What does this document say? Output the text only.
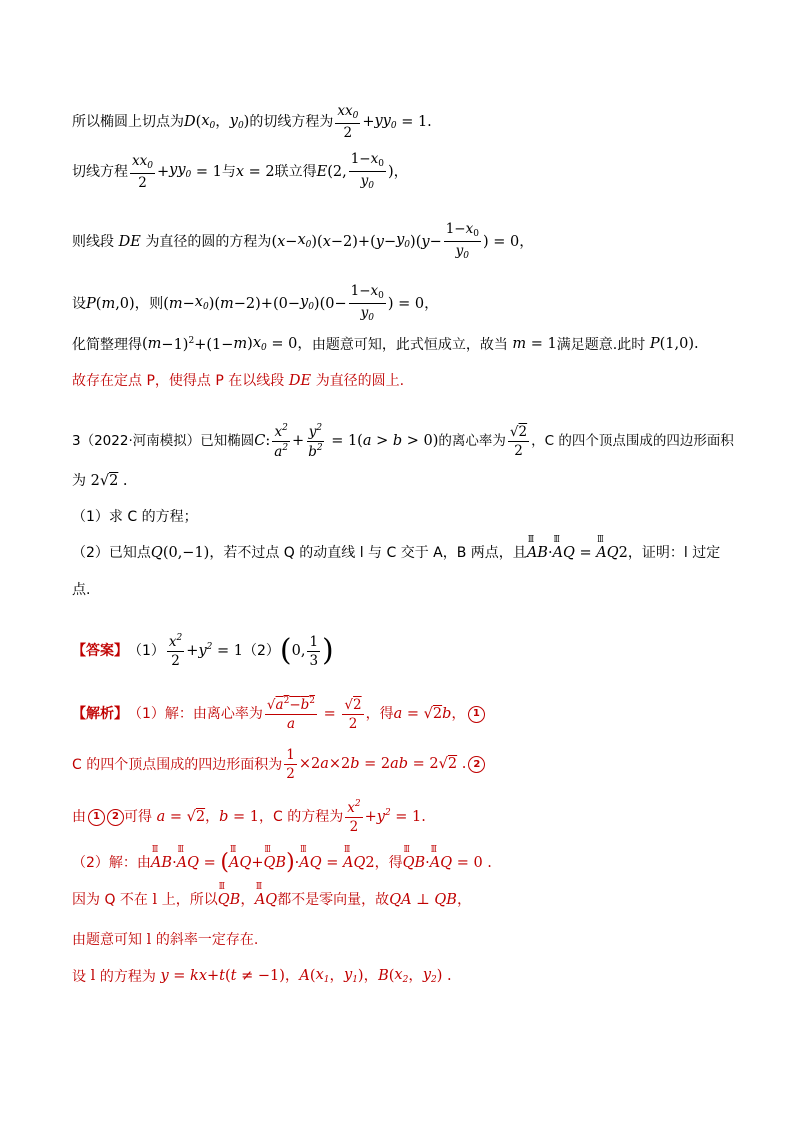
所以椭圆上切点为 D ( $x_0$ ， $y_0$ ) 的切线方程为 $\frac{xx_0}{2} + yy_0 = 1$.
切线方程 $\frac{xx_0}{2} + yy_0 = 1$ 与 x = 2 联立得 E (2, $\frac{1-x_0}{y_0}$ )，
则线段 DE 为直径的圆的方程为 ( $x - x_0$ )( x −2)+( $y - y_0$ )( $y - \frac{1-x_0}{y_0}$ ) = 0，
设 P ( m ,0)， 则 ( $m - x_0$ )( $m -2)+(0- y_0$ )($0- \frac{1-x_0}{y_0}$ ) = 0，
化简整理得 ( m −1)$^2$+(1− m ) $x_0 = 0$， 由题意可知，此式恒成立，故当 m = 1 满足题意.此时 P (1,0).
故存在定点 P，使得点 P 在以线段 DE 为直径的圆上.
3（2022·河南模拟）已知椭圆 C : $\frac{x^2}{a^2} + \frac{y^2}{b^2} = 1$( a > b > 0) 的离心率为 $\frac{√2}{2}$ ，C 的四个顶点围成的四边形面积
为 2√2 .
（1）求 C 的方程；
（2）已知点 Q (0,−1) ，若不过点 Q 的动直线 l 与 C 交于 A，B 两点，且 ꟾꟾꟾ AB · ꟾꟾꟾ AQ = ꟾꟾꟾ AQ 2 ，证明：l 过定
点.
【答案】 $(1) \frac{x^2}{2} + y^2 = 1$ （2） ( 0, $\frac{1}{3}$ )
【解析】 （1）解：由离心率为 $\frac{√a^2-b^2}{a} = \frac{√2}{2}$ ，得 a = √2 b ， 1
C 的四个顶点围成的四边形面积为 $\frac{1}{2} \times 2$ a ×2 b = 2 ab = 2√2 . 2
由 1	2 可得 a = √2 ， b = 1 ，C 的方程为 $\frac{x^2}{2} + y^2 = 1$.
（2）解：由 ꟾꟾꟾ AB · ꟾꟾꟾ AQ = ( ꟾꟾꟾ AQ + ꟾꟾꟾ QB ) · ꟾꟾꟾ AQ = ꟾꟾꟾ AQ 2 ，得 ꟾꟾꟾ QB · ꟾꟾꟾ AQ = 0 .
因为 Q 不在 l 上，所以 ꟾꟾꟾ QB ， ꟾꟾꟾ AQ 都不是零向量，故 QA ⊥ QB ，
由题意可知 l 的斜率一定存在.
设 l 的方程为 y = kx + t ( t ≠ −1)， A ( $x_1$ ， $y_1$ )， B ( $x_2$ ， $y_2$ ) .
